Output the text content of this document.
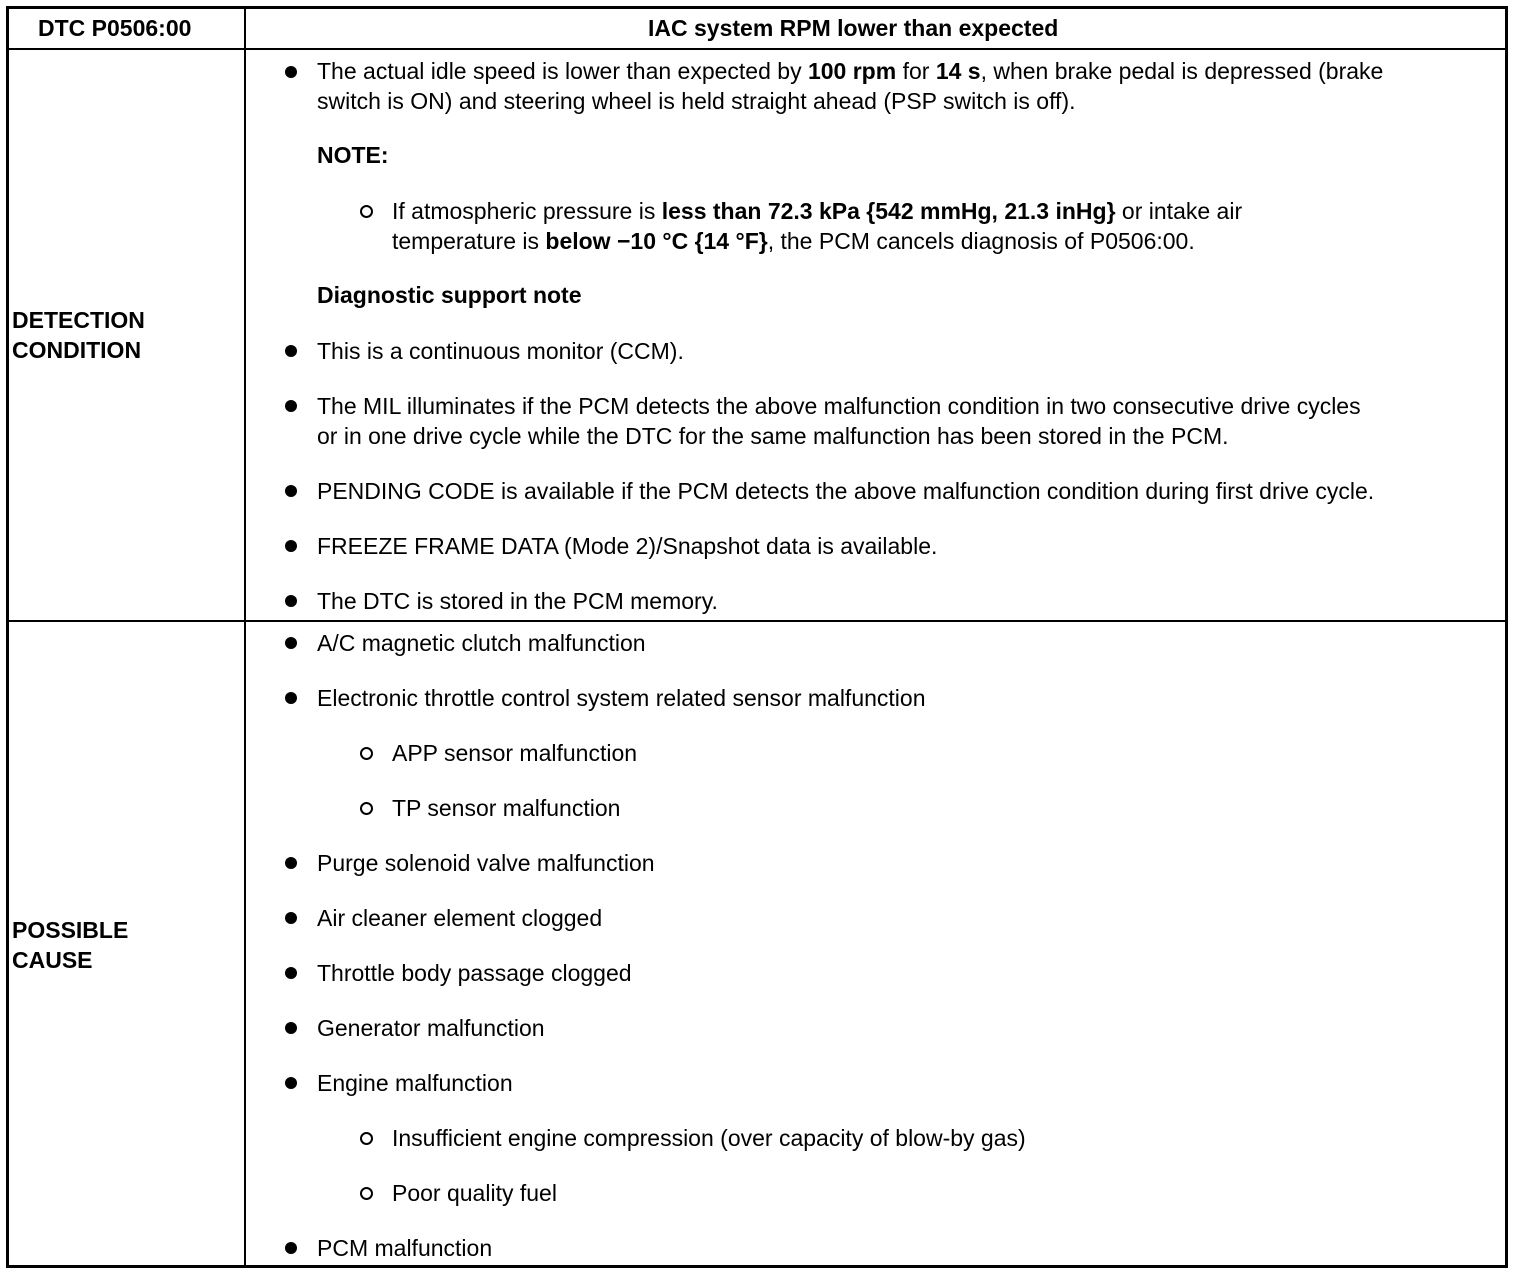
DTC P0506:00	IAC system RPM lower than expected
DETECTION
CONDITION
The actual idle speed is lower than expected by 100 rpm for 14 s, when brake pedal is depressed (brake
switch is ON) and steering wheel is held straight ahead (PSP switch is off).
NOTE:
If atmospheric pressure is less than 72.3 kPa {542 mmHg, 21.3 inHg} or intake air
temperature is below −10 °C {14 °F}, the PCM cancels diagnosis of P0506:00.
Diagnostic support note
This is a continuous monitor (CCM).
The MIL illuminates if the PCM detects the above malfunction condition in two consecutive drive cycles
or in one drive cycle while the DTC for the same malfunction has been stored in the PCM.
PENDING CODE is available if the PCM detects the above malfunction condition during first drive cycle.
FREEZE FRAME DATA (Mode 2)/Snapshot data is available.
The DTC is stored in the PCM memory.
POSSIBLE
CAUSE
A/C magnetic clutch malfunction
Electronic throttle control system related sensor malfunction
APP sensor malfunction
TP sensor malfunction
Purge solenoid valve malfunction
Air cleaner element clogged
Throttle body passage clogged
Generator malfunction
Engine malfunction
Insufficient engine compression (over capacity of blow-by gas)
Poor quality fuel
PCM malfunction
